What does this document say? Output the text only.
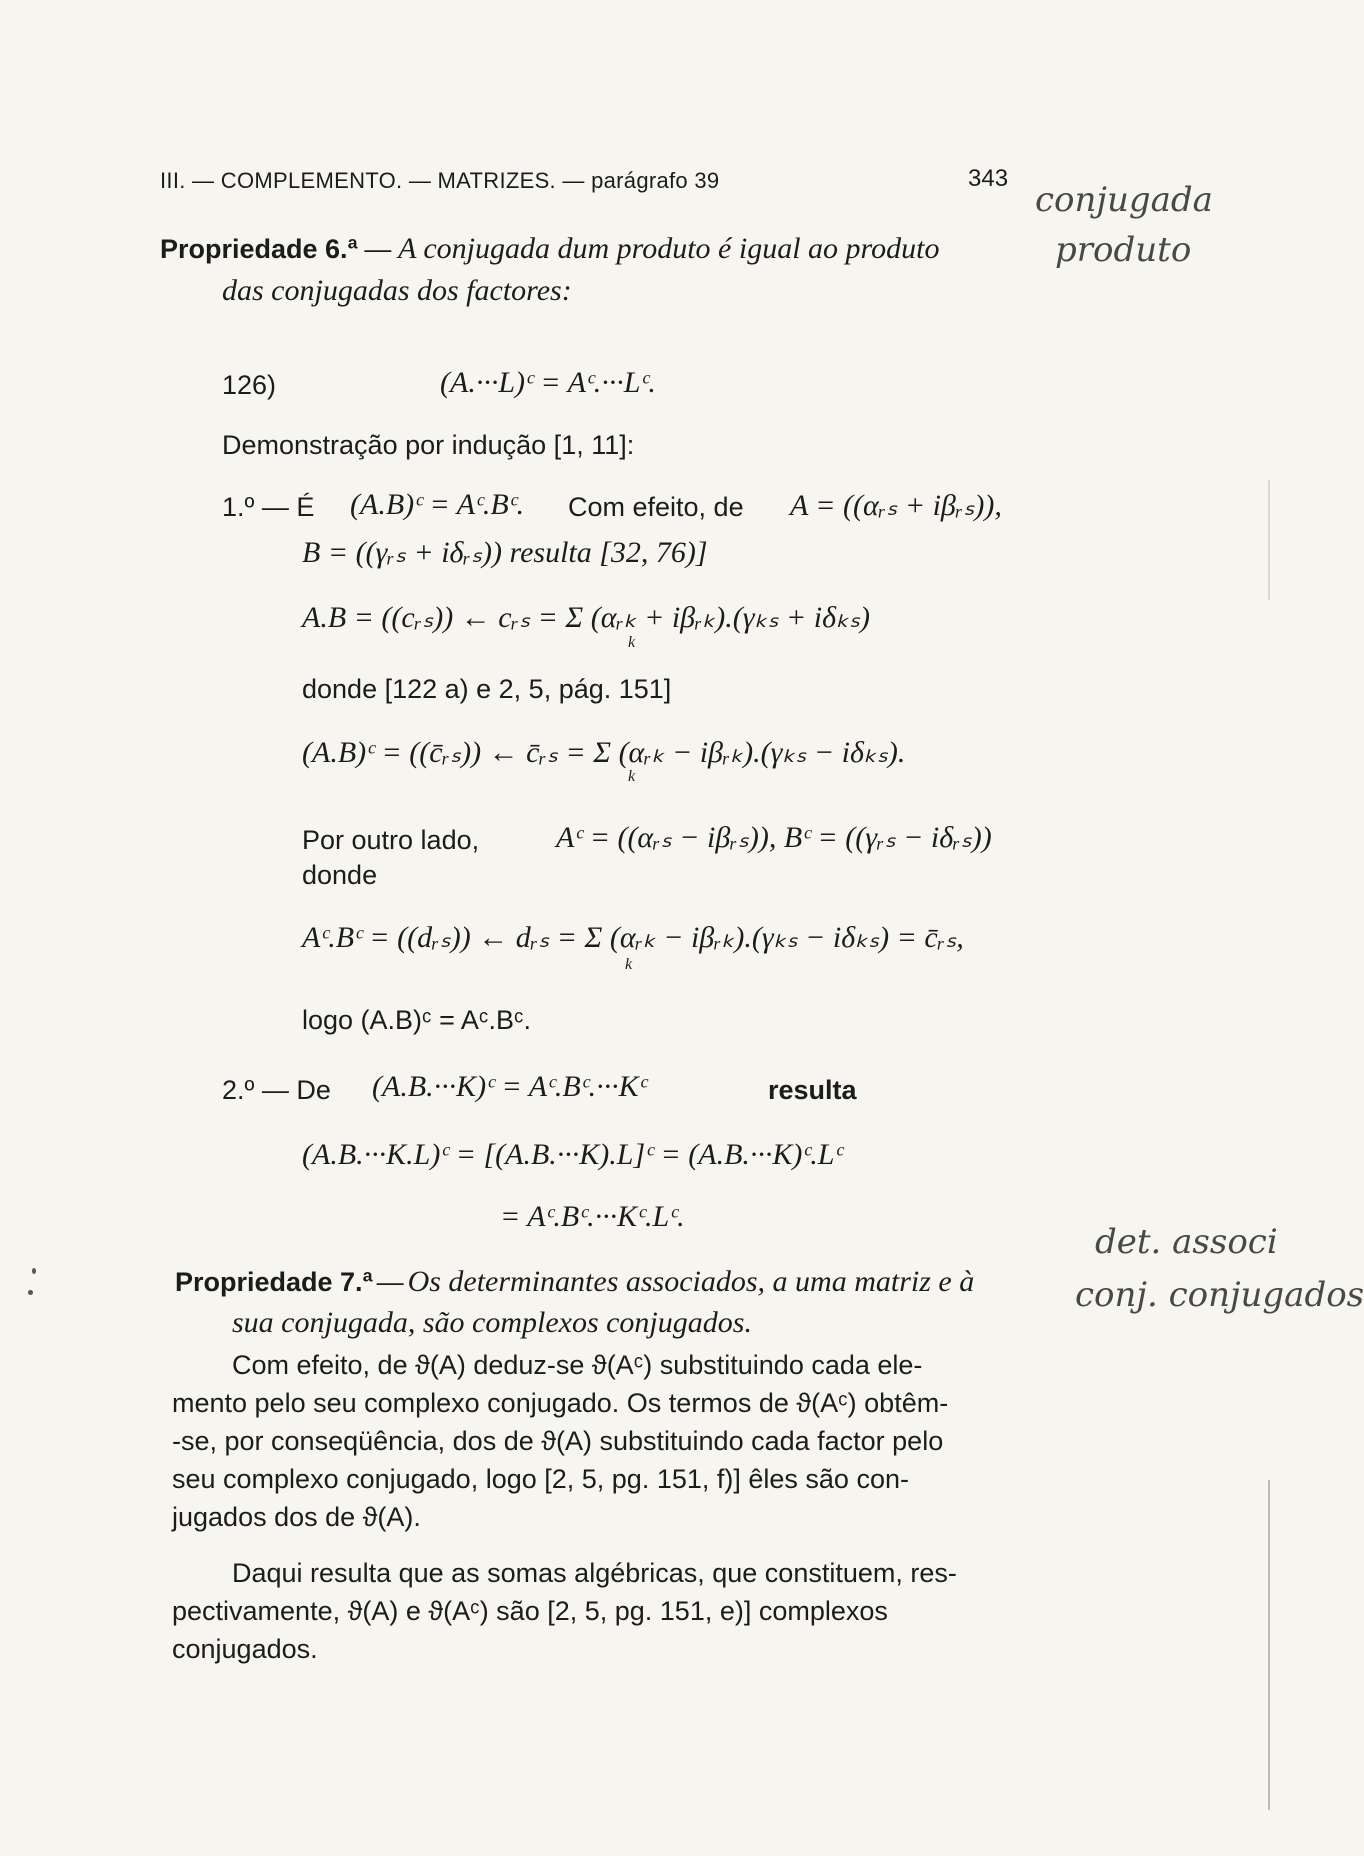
III. — COMPLEMENTO. — MATRIZES. — parágrafo 39	343
conjugada
produto
Propriedade 6.ª — A conjugada dum produto é igual ao produto
das conjugadas dos factores:
126)	(A.···L)ᶜ = Aᶜ.···Lᶜ.
Demonstração por indução [1, 11]:
1.º — É (A.B)ᶜ = Aᶜ.Bᶜ. Com efeito, de A = ((αᵣₛ + iβᵣₛ)),
B = ((γᵣₛ + iδᵣₛ)) resulta [32, 76)]
A.B = ((cᵣₛ)) ← cᵣₛ = Σ (αᵣₖ + iβᵣₖ).(γₖₛ + iδₖₛ)
k
donde [122 a) e 2, 5, pág. 151]
(A.B)ᶜ = ((c̄ᵣₛ)) ← c̄ᵣₛ = Σ (αᵣₖ − iβᵣₖ).(γₖₛ − iδₖₛ).
k
Por outro lado,	Aᶜ = ((αᵣₛ − iβᵣₛ)), Bᶜ = ((γᵣₛ − iδᵣₛ))
donde
Aᶜ.Bᶜ = ((dᵣₛ)) ← dᵣₛ = Σ (αᵣₖ − iβᵣₖ).(γₖₛ − iδₖₛ) = c̄ᵣₛ,
k
logo (A.B)ᶜ = Aᶜ.Bᶜ.
2.º — De (A.B.···K)ᶜ = Aᶜ.Bᶜ.···Kᶜ	resulta
(A.B.···K.L)ᶜ = [(A.B.···K).L]ᶜ = (A.B.···K)ᶜ.Lᶜ
= Aᶜ.Bᶜ.···Kᶜ.Lᶜ.
det. associ
conj. conjugados
Propriedade 7.ª — Os determinantes associados, a uma matriz e à
sua conjugada, são complexos conjugados.
Com efeito, de ϑ(A) deduz-se ϑ(Aᶜ) substituindo cada ele-
mento pelo seu complexo conjugado. Os termos de ϑ(Aᶜ) obtêm-
-se, por conseqüência, dos de ϑ(A) substituindo cada factor pelo
seu complexo conjugado, logo [2, 5, pg. 151, f)] êles são con-
jugados dos de ϑ(A).
Daqui resulta que as somas algébricas, que constituem, res-
pectivamente, ϑ(A) e ϑ(Aᶜ) são [2, 5, pg. 151, e)] complexos
conjugados.
